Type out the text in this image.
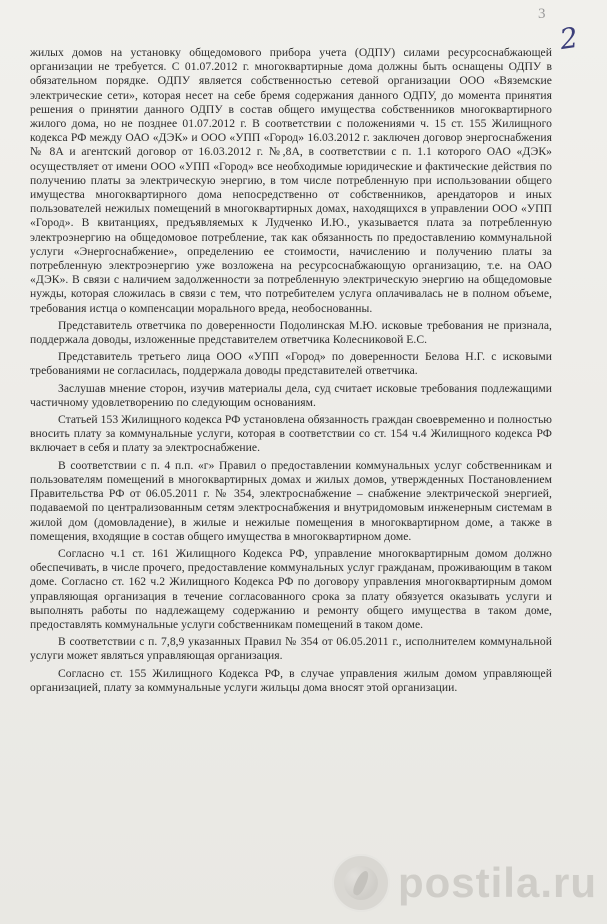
3
2

жилых домов на установку общедомового прибора учета (ОДПУ) силами ресурсоснабжающей организации не требуется. С 01.07.2012 г. многоквартирные дома должны быть оснащены ОДПУ в обязательном порядке. ОДПУ является собственностью сетевой организации ООО «Вяземские электрические сети», которая несет на себе бремя содержания данного ОДПУ, до момента принятия решения о принятии данного ОДПУ в состав общего имущества собственников многоквартирного жилого дома, но не позднее 01.07.2012 г. В соответствии с положениями ч. 15 ст. 155 Жилищного кодекса РФ между ОАО «ДЭК» и ООО «УПП «Город» 16.03.2012 г. заключен договор энергоснабжения № 8А и агентский договор от 16.03.2012 г. №,8А, в соответствии с п. 1.1 которого ОАО «ДЭК» осуществляет от имени ООО «УПП «Город» все необходимые юридические и фактические действия по получению платы за электрическую энергию, в том числе потребленную при использовании общего имущества многоквартирного дома непосредственно от собственников, арендаторов и иных пользователей нежилых помещений в многоквартирных домах, находящихся в управлении ООО «УПП «Город». В квитанциях, предъявляемых к Лудченко И.Ю., указывается плата за потребленную электроэнергию на общедомовое потребление, так как обязанность по предоставлению коммунальной услуги «Энергоснабжение», определению ее стоимости, начислению и получению платы за потребленную электроэнергию уже возложена на ресурсоснабжающую организацию, т.е. на ОАО «ДЭК». В связи с наличием задолженности за потребленную электрическую энергию на общедомовые нужды, которая сложилась в связи с тем, что потребителем услуга оплачивалась не в полном объеме, требования истца о компенсации морального вреда, необоснованны.

Представитель ответчика по доверенности Подолинская М.Ю. исковые требования не признала, поддержала доводы, изложенные представителем ответчика Колесниковой Е.С.

Представитель третьего лица ООО «УПП «Город» по доверенности Белова Н.Г. с исковыми требованиями не согласилась, поддержала доводы представителей ответчика.

Заслушав мнение сторон, изучив материалы дела, суд считает исковые требования подлежащими частичному удовлетворению по следующим основаниям.

Статьей 153 Жилищного кодекса РФ установлена обязанность граждан своевременно и полностью вносить плату за коммунальные услуги, которая в соответствии со ст. 154 ч.4 Жилищного кодекса РФ включает в себя и плату за электроснабжение.

В соответствии с п. 4 п.п. «г» Правил о предоставлении коммунальных услуг собственникам и пользователям помещений в многоквартирных домах и жилых домов, утвержденных Постановлением Правительства РФ от 06.05.2011 г. № 354, электроснабжение – снабжение электрической энергией, подаваемой по централизованным сетям электроснабжения и внутридомовым инженерным системам в жилой дом (домовладение), в жилые и нежилые помещения в многоквартирном доме, а также в помещения, входящие в состав общего имущества в многоквартирном доме.

Согласно ч.1 ст. 161 Жилищного Кодекса РФ, управление многоквартирным домом должно обеспечивать, в числе прочего, предоставление коммунальных услуг гражданам, проживающим в таком доме. Согласно ст. 162 ч.2 Жилищного Кодекса РФ по договору управления многоквартирным домом управляющая организация в течение согласованного срока за плату обязуется оказывать услуги и выполнять работы по надлежащему содержанию и ремонту общего имущества в таком доме, предоставлять коммунальные услуги собственникам помещений в таком доме.

В соответствии с п. 7,8,9 указанных Правил № 354 от 06.05.2011 г., исполнителем коммунальной услуги может являться управляющая организация.

Согласно ст. 155 Жилищного Кодекса РФ, в случае управления жилым домом управляющей организацией, плату за коммунальные услуги жильцы дома вносят этой организации.

postila.ru
